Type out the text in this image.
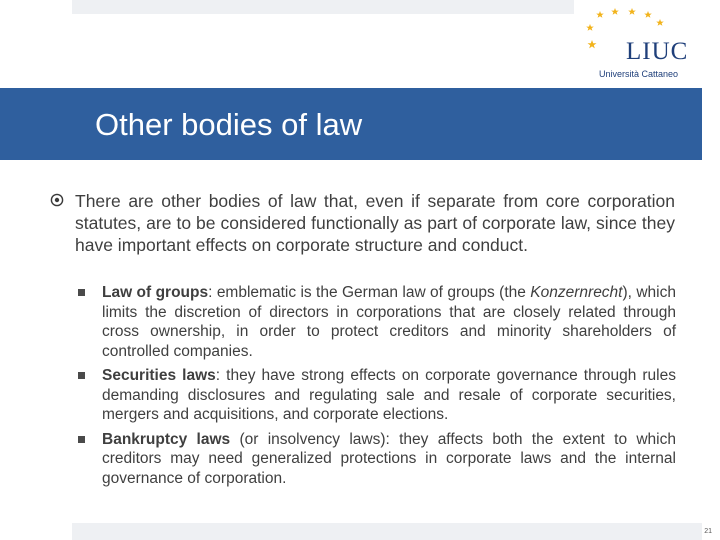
LIUC
Università Cattaneo
Other bodies of law

There are other bodies of law that, even if separate from core corporation statutes, are to be considered functionally as part of corporate law, since they have important effects on corporate structure and conduct.

Law of groups: emblematic is the German law of groups (the Konzernrecht), which limits the discretion of directors in corporations that are closely related through cross ownership, in order to protect creditors and minority shareholders of controlled companies.
Securities laws: they have strong effects on corporate governance through rules demanding disclosures and regulating sale and resale of corporate securities, mergers and acquisitions, and corporate elections.
Bankruptcy laws (or insolvency laws): they affects both the extent to which creditors may need generalized protections in corporate laws and the internal governance of corporation.
21
